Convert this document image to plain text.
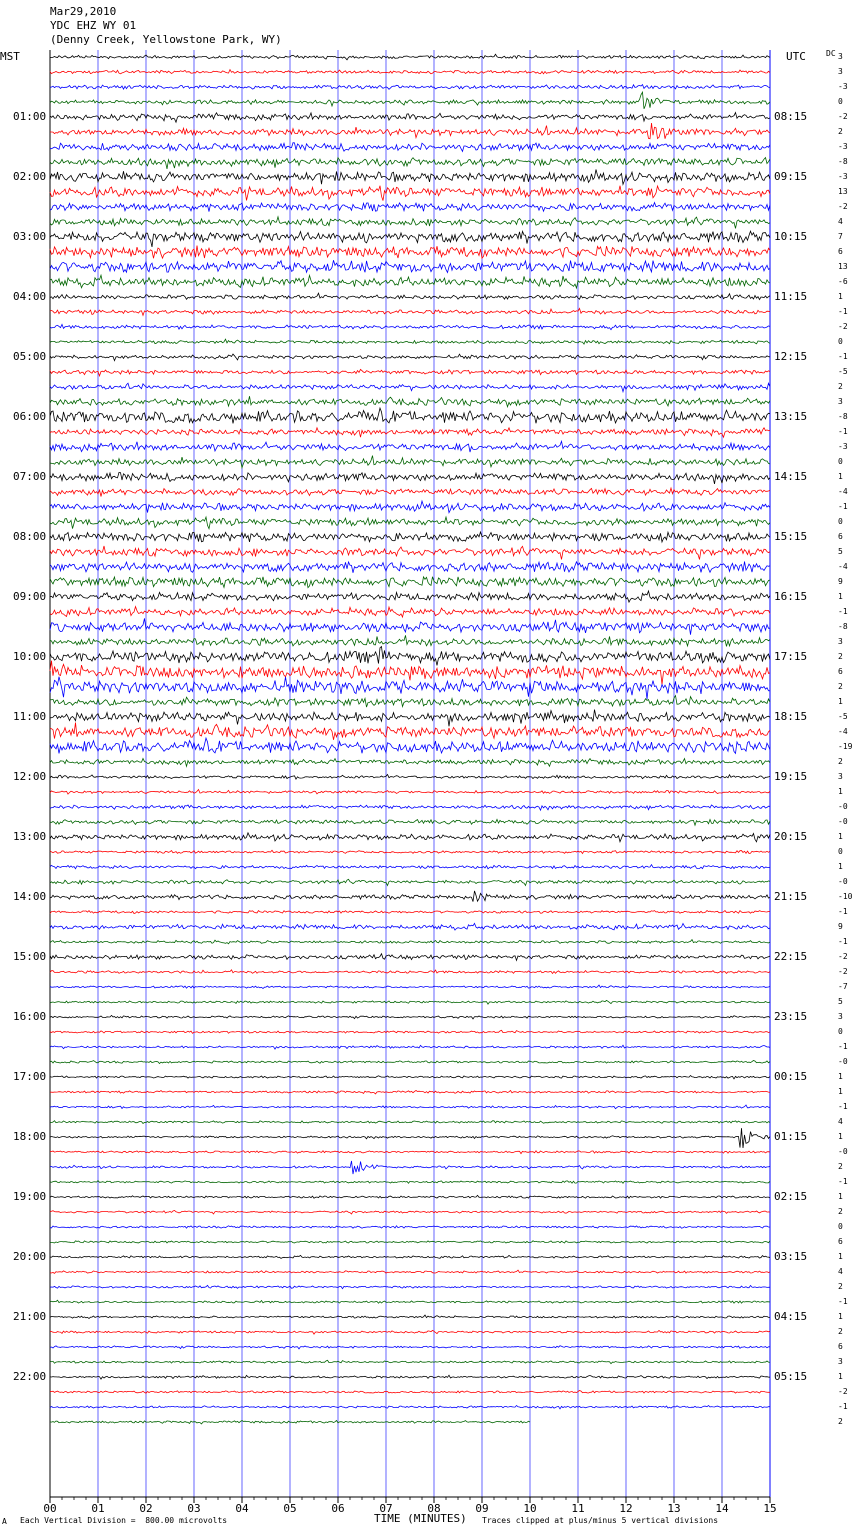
Mar29,2010
YDC EHZ WY 01
(Denny Creek, Yellowstone Park, WY)
MST	UTC	DC
00	01	02	03	04	05	06	07	08	09	10	11	12	13	14	15
3
3
-3
0
-2
01:00	08:15
2
-3
-8
-3
02:00	09:15
13
-2
4
7
03:00	10:15
6
13
-6
1
04:00	11:15
-1
-2
0
-1
05:00	12:15
-5
2
3
-8
06:00	13:15
-1
-3
0
1
07:00	14:15
-4
-1
0
6
08:00	15:15
5
-4
9
1
09:00	16:15
-1
-8
3
2
10:00	17:15
6
2
1
-5
11:00	18:15
-4
-19
2
3
12:00	19:15
1
-0
-0
1
13:00	20:15
0
1
-0
-10
14:00	21:15
-1
9
-1
-2
15:00	22:15
-2
-7
5
3
16:00	23:15
0
-1
-0
1
17:00	00:15
1
-1
4
1
18:00	01:15
-0
2
-1
1
19:00	02:15
2
0
6
1
20:00	03:15
4
2
-1
1
21:00	04:15
2
6
3
1
22:00	05:15
-2
-1
2
A Each Vertical Division =  800.00 microvolts	TIME (MINUTES) Traces clipped at plus/minus 5 vertical divisions
